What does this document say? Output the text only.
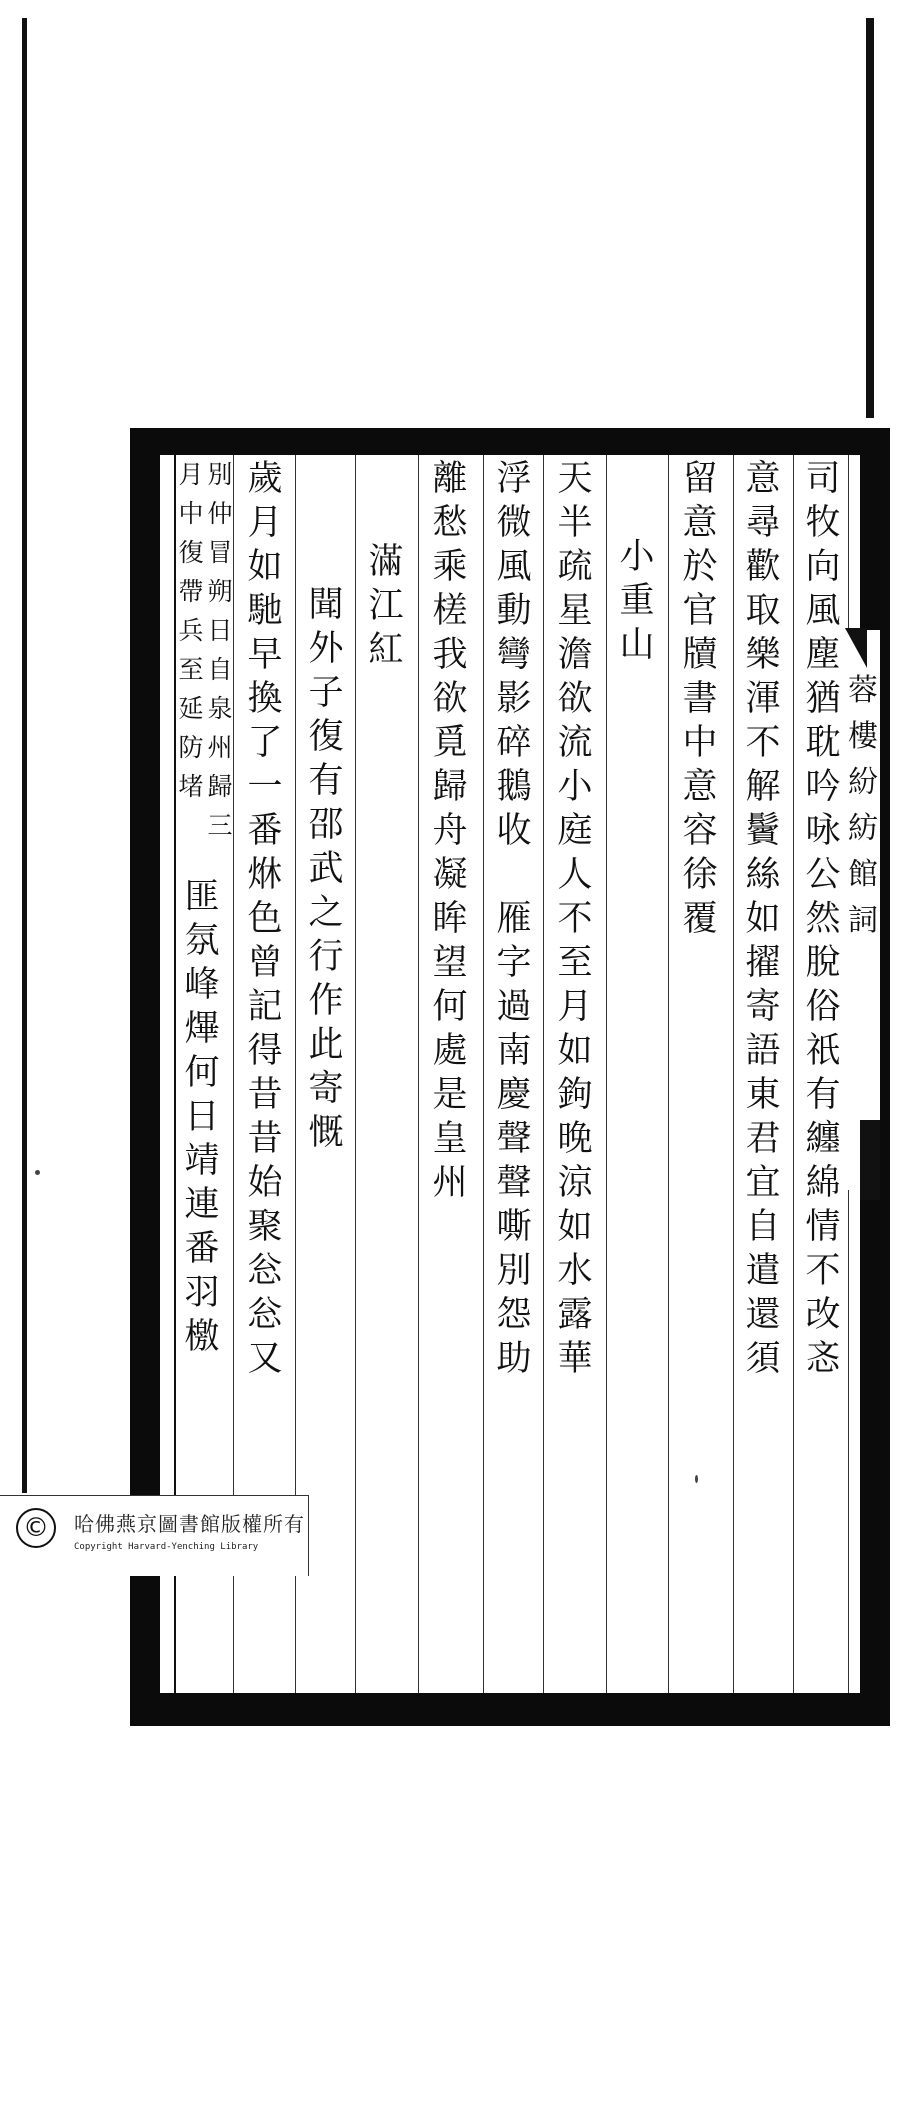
司
牧
向
風
塵
猶
耽
吟
咏
公
然
脫
俗
祇
有
纏
綿
情
不
改
忞
意
尋
歡
取
樂
渾
不
解
鬢
絲
如
擢
寄
語
東
君
宜
自
遣
還
須
留
意
於
官
牘
書
中
意
容
徐
覆
小
重
山
天
半
疏
星
澹
欲
流
小
庭
人
不
至
月
如
鉤
晚
涼
如
水
露
華
浮
微
風
動
彎
影
碎
鵝
收

雁
字
過
南
慶
聲
聲
嘶
別
怨
助
離
愁
乘
槎
我
欲
覓
歸
舟
凝
眸
望
何
處
是
皇
州
滿
江
紅
聞
外
子
復
有
邵
武
之
行
作
此
寄
慨
歲
月
如
馳
早
換
了
一
番
烌
色
曾
記
得
昔
昔
始
聚
忩
忩
又
別
仲
冒
朔
日
自
泉
州
歸
三
月
中
復
帶
兵
至
延
防
堵
匪
氛
峰
熚
何
日
靖
連
番
羽
檄
蓉
樓
紛
紡
館
詞
©	哈佛燕京圖書館版權所有
Copyright Harvard-Yenching Library
